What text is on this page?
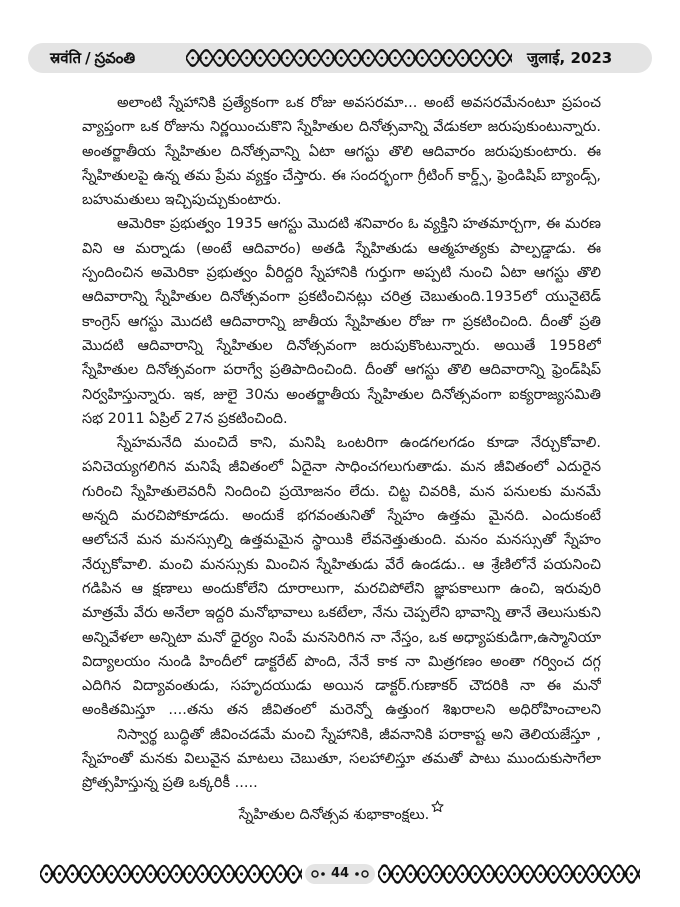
स्रवंति / స్రవంతి	जुलाई, 2023
అలాంటి స్నేహానికి ప్రత్యేకంగా ఒక రోజు అవసరమా... అంటే అవసరమేనంటూ ప్రపంచ
వ్యాప్తంగా ఒక రోజును నిర్ణయించుకొని స్నేహితుల దినోత్సవాన్ని వేడుకలా జరుపుకుంటున్నారు.
అంతర్జాతీయ స్నేహితుల దినోత్సవాన్ని ఏటా ఆగస్టు తొలి ఆదివారం జరుపుకుంటారు. ఈ
స్నేహితులపై ఉన్న తమ ప్రేమ వ్యక్తం చేస్తారు. ఈ సందర్భంగా గ్రీటింగ్ కార్డ్స్, ఫ్రెండిషిప్ బ్యాండ్స్,
బహుమతులు ఇచ్చిపుచ్చుకుంటారు.
ఆమెరికా ప్రభుత్వం 1935 ఆగస్టు మొదటి శనివారం ఓ వ్యక్తిని హతమార్చగా, ఈ మరణ
విని ఆ మర్నాడు (అంటే ఆదివారం) అతడి స్నేహితుడు ఆత్మహత్యకు పాల్పడ్డాడు. ఈ
స్పందించిన అమెరికా ప్రభుత్వం వీరిద్దరి స్నేహానికి గుర్తుగా అప్పటి నుంచి ఏటా ఆగస్టు తొలి
ఆదివారాన్ని స్నేహితుల దినోత్సవంగా ప్రకటించినట్లు చరిత్ర చెబుతుంది.1935లో యునైటెడ్
కాంగ్రెస్ ఆగస్టు మొదటి ఆదివారాన్ని జాతీయ స్నేహితుల రోజు గా ప్రకటించింది. దీంతో ప్రతి
మొదటి ఆదివారాన్ని స్నేహితుల దినోత్సవంగా జరుపుకొంటున్నారు. అయితే 1958లో
స్నేహితుల దినోత్సవంగా పరాగ్వే ప్రతిపాదించింది. దీంతో ఆగస్టు తొలి ఆదివారాన్ని ఫ్రెండ్‌షిప్
నిర్వహిస్తున్నారు. ఇక, జులై 30ను అంతర్జాతీయ స్నేహితుల దినోత్సవంగా ఐక్యరాజ్యసమితి
సభ 2011 ఏప్రిల్ 27న ప్రకటించింది.
స్నేహమనేది మంచిదే కాని, మనిషి ఒంటరిగా ఉండగలగడం కూడా నేర్చుకోవాలి.
పనిచెయ్యగలిగిన మనిషే జీవితంలో ఏదైనా సాధించగలుగుతాడు. మన జీవితంలో ఎదురైన
గురించి స్నేహితులెవరినీ నిందించి ప్రయోజనం లేదు. చిట్ట చివరికి, మన పనులకు మనమే
అన్నది మరచిపోకూడదు. అందుకే భగవంతునితో స్నేహం ఉత్తమ మైనది. ఎందుకంటే
ఆలోచనే మన మనస్సుల్ని ఉత్తమమైన స్థాయికి లేవనెత్తుతుంది. మనం మనస్సుతో స్నేహం
నేర్చుకోవాలి. మంచి మనస్సుకు మించిన స్నేహితుడు వేరే ఉండడు.. ఆ శ్రేణిలోనే పయనించి
గడిపిన ఆ క్షణాలు అందుకోలేని దూరాలుగా, మరచిపోలేని జ్ఞాపకాలుగా ఉంచి, ఇరువురి
మాత్రమే వేరు అనేలా ఇద్దరి మనోభావాలు ఒకటేలా, నేను చెప్పలేని భావాన్ని తానే తెలుసుకుని
అన్నివేళలా అన్నిటా మనో ధైర్యం నింపే మనసెరిగిన నా నేస్తం, ఒక అధ్యాపకుడిగా,ఉస్మానియా
విద్యాలయం నుండి హిందీలో డాక్టరేట్ పొంది, నేనే కాక నా మిత్రగణం అంతా గర్వించ దగ్గ
ఎదిగిన విద్యావంతుడు, సహృదయుడు అయిన డాక్టర్.గుణాకర్ చౌదరికి నా ఈ మనో
అంకితమిస్తూ ....తను తన జీవితంలో మరెన్నో ఉత్తుంగ శిఖరాలని అధిరోహించాలని
నిస్వార్థ బుద్ధితో జీవించడమే మంచి స్నేహానికి, జీవనానికి పరాకాష్ట అని తెలియజేస్తూ ,
స్నేహంతో మనకు విలువైన మాటలు చెబుతూ, సలహాలిస్తూ తమతో పాటు ముందుకుసాగేలా
ప్రోత్సహిస్తున్న ప్రతి ఒక్కరికీ .....
స్నేహితుల దినోత్సవ శుభాకాంక్షలు.
44
